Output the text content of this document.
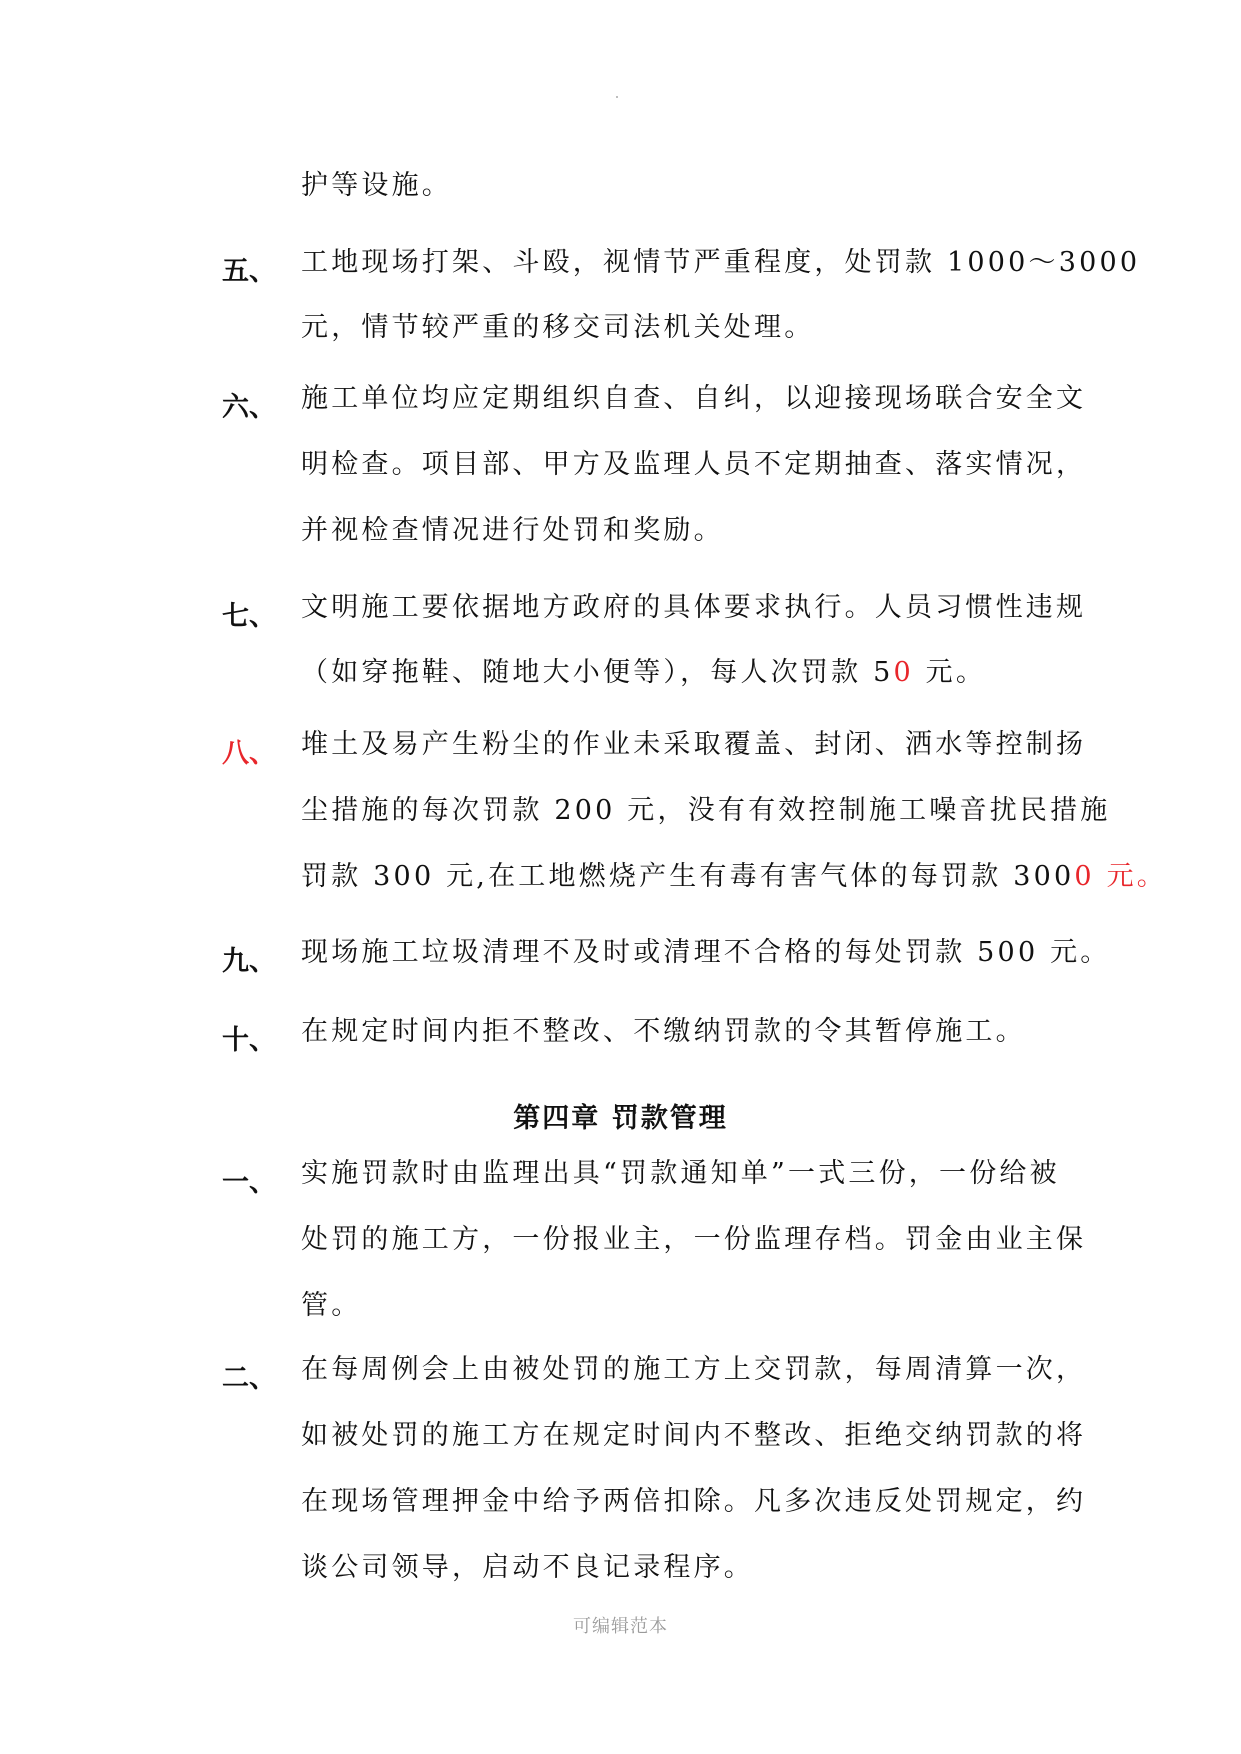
护等设施。
五、 工地现场打架、斗殴，视情节严重程度，处罚款 1000～3000
元，情节较严重的移交司法机关处理。
六、 施工单位均应定期组织自查、自纠，以迎接现场联合安全文
明检查。项目部、甲方及监理人员不定期抽查、落实情况，
并视检查情况进行处罚和奖励。
七、 文明施工要依据地方政府的具体要求执行。人员习惯性违规
（如穿拖鞋、随地大小便等），每人次罚款 50 元。
八、 堆土及易产生粉尘的作业未采取覆盖、封闭、洒水等控制扬
尘措施的每次罚款 200 元，没有有效控制施工噪音扰民措施
罚款 300 元,在工地燃烧产生有毒有害气体的每罚款 3000 元。
九、 现场施工垃圾清理不及时或清理不合格的每处罚款 500 元。
十、 在规定时间内拒不整改、不缴纳罚款的令其暂停施工。
第四章 罚款管理
一、 实施罚款时由监理出具“罚款通知单”一式三份，一份给被
处罚的施工方，一份报业主，一份监理存档。罚金由业主保
管。
二、 在每周例会上由被处罚的施工方上交罚款，每周清算一次，
如被处罚的施工方在规定时间内不整改、拒绝交纳罚款的将
在现场管理押金中给予两倍扣除。凡多次违反处罚规定，约
谈公司领导，启动不良记录程序。
可编辑范本
